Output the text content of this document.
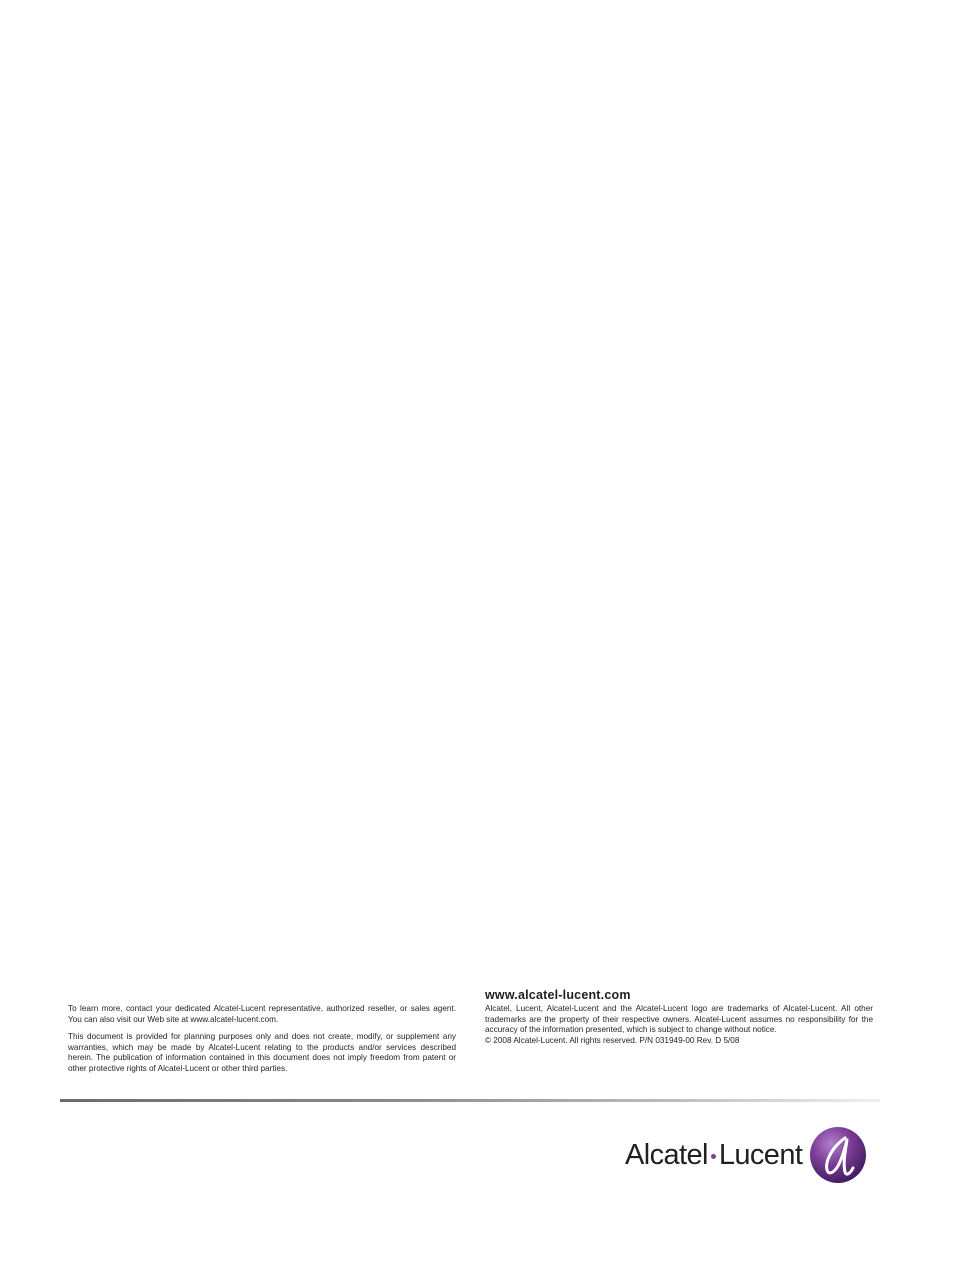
To learn more, contact your dedicated Alcatel-Lucent representative, authorized reseller, or sales agent. You can also visit our Web site at www.alcatel-lucent.com.

This document is provided for planning purposes only and does not create, modify, or supplement any warranties, which may be made by Alcatel-Lucent relating to the products and/or services described herein. The publication of information contained in this document does not imply freedom from patent or other protective rights of Alcatel-Lucent or other third parties.

www.alcatel-lucent.com

Alcatel, Lucent, Alcatel-Lucent and the Alcatel-Lucent logo are trademarks of Alcatel-Lucent. All other trademarks are the property of their respective owners. Alcatel-Lucent assumes no responsibility for the accuracy of the information presented, which is subject to change without notice.

© 2008 Alcatel-Lucent. All rights reserved. P/N 031949-00 Rev. D 5/08

Alcatel Lucent
